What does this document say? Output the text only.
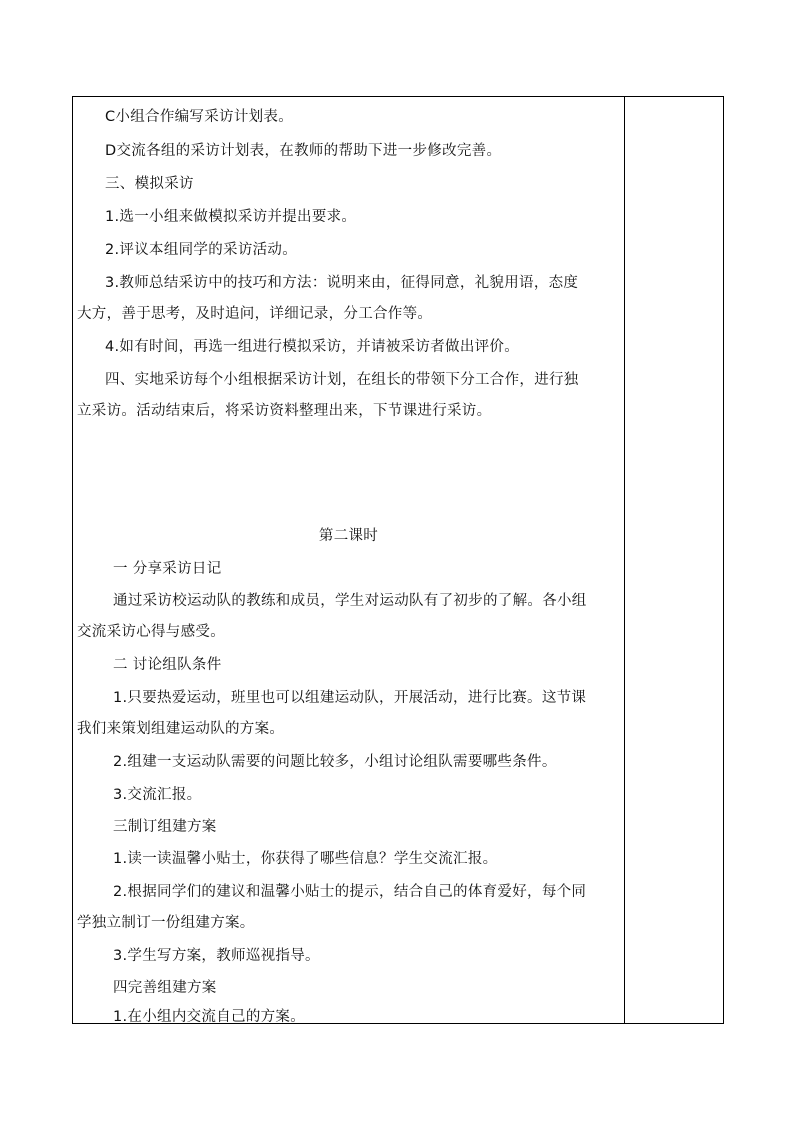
C小组合作编写采访计划表。
D交流各组的采访计划表，在教师的帮助下进一步修改完善。
三、模拟采访
1.选一小组来做模拟采访并提出要求。
2.评议本组同学的采访活动。
3.教师总结采访中的技巧和方法：说明来由，征得同意，礼貌用语，态度
大方，善于思考，及时追问，详细记录，分工合作等。
4.如有时间，再选一组进行模拟采访，并请被采访者做出评价。
四、实地采访每个小组根据采访计划，在组长的带领下分工合作，进行独
立采访。活动结束后，将采访资料整理出来，下节课进行采访。
第二课时
一 分享采访日记
通过采访校运动队的教练和成员，学生对运动队有了初步的了解。各小组
交流采访心得与感受。
二 讨论组队条件
1.只要热爱运动，班里也可以组建运动队，开展活动，进行比赛。这节课
我们来策划组建运动队的方案。
2.组建一支运动队需要的问题比较多，小组讨论组队需要哪些条件。
3.交流汇报。
三制订组建方案
1.读一读温馨小贴士，你获得了哪些信息？学生交流汇报。
2.根据同学们的建议和温馨小贴士的提示，结合自己的体育爱好，每个同
学独立制订一份组建方案。
3.学生写方案，教师巡视指导。
四完善组建方案
1.在小组内交流自己的方案。
